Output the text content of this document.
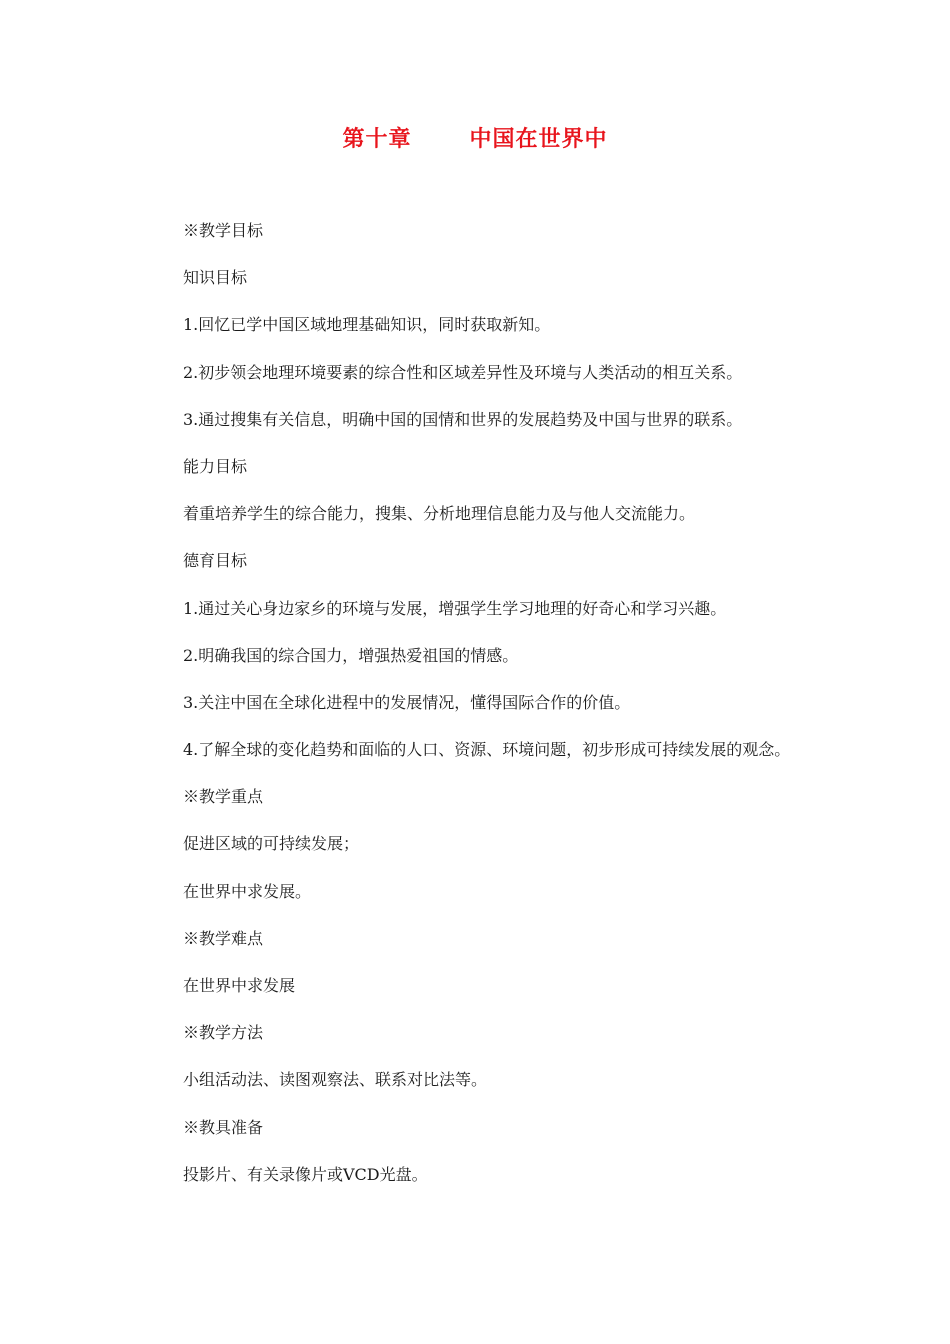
第十章	中国在世界中
※教学目标
知识目标
1.回忆已学中国区域地理基础知识，同时获取新知。
2.初步领会地理环境要素的综合性和区域差异性及环境与人类活动的相互关系。
3.通过搜集有关信息，明确中国的国情和世界的发展趋势及中国与世界的联系。
能力目标
着重培养学生的综合能力，搜集、分析地理信息能力及与他人交流能力。
德育目标
1.通过关心身边家乡的环境与发展，增强学生学习地理的好奇心和学习兴趣。
2.明确我国的综合国力，增强热爱祖国的情感。
3.关注中国在全球化进程中的发展情况，懂得国际合作的价值。
4.了解全球的变化趋势和面临的人口、资源、环境问题，初步形成可持续发展的观念。
※教学重点
促进区域的可持续发展；
在世界中求发展。
※教学难点
在世界中求发展
※教学方法
小组活动法、读图观察法、联系对比法等。
※教具准备
投影片、有关录像片或VCD光盘。
